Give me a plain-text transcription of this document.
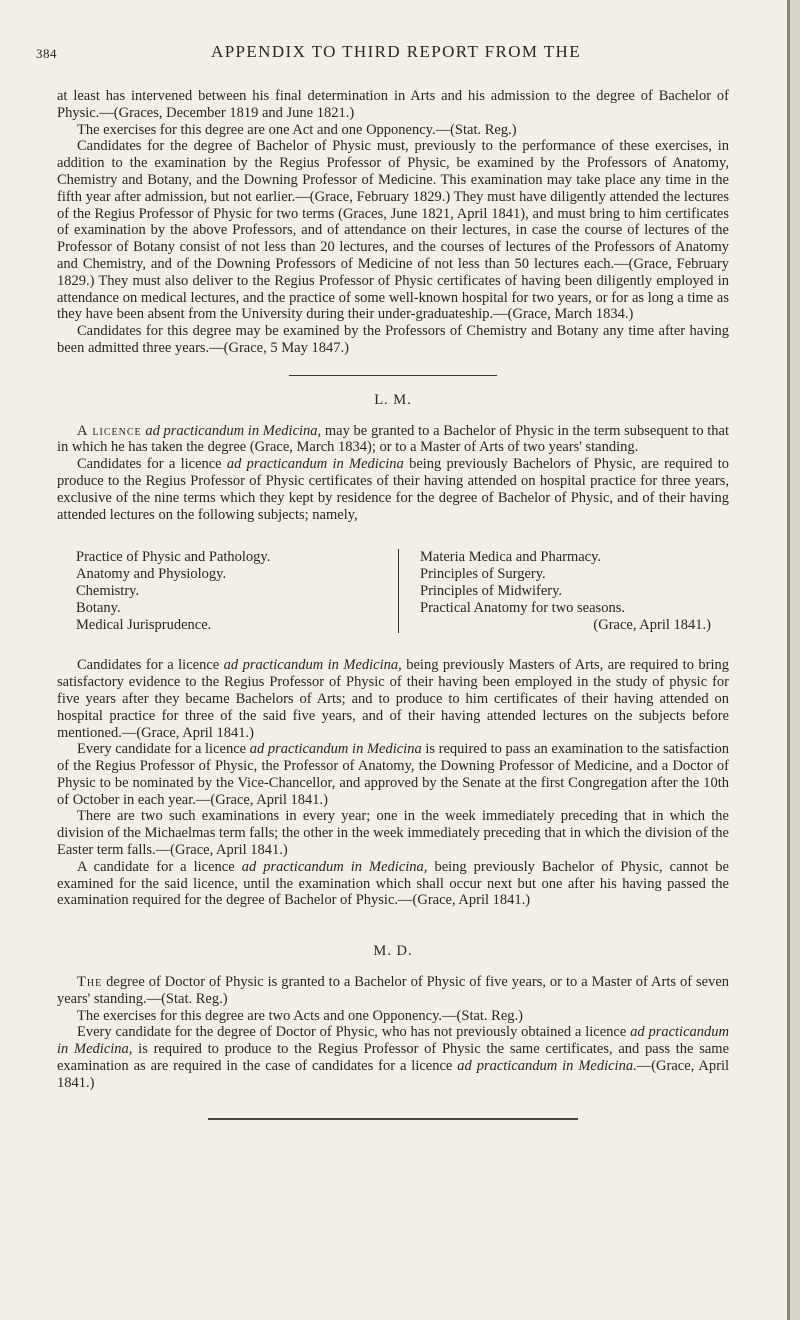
384	APPENDIX TO THIRD REPORT FROM THE

at least has intervened between his final determination in Arts and his admission to the degree of Bachelor of Physic.—(Graces, December 1819 and June 1821.)

The exercises for this degree are one Act and one Opponency.—(Stat. Reg.)

Candidates for the degree of Bachelor of Physic must, previously to the performance of these exercises, in addition to the examination by the Regius Professor of Physic, be examined by the Professors of Anatomy, Chemistry and Botany, and the Downing Professor of Medicine. This examination may take place any time in the fifth year after admission, but not earlier.—(Grace, February 1829.) They must have diligently attended the lectures of the Regius Professor of Physic for two terms (Graces, June 1821, April 1841), and must bring to him certificates of examination by the above Professors, and of attendance on their lectures, in case the course of lectures of the Professor of Botany consist of not less than 20 lectures, and the courses of lectures of the Professors of Anatomy and Chemistry, and of the Downing Professors of Medicine of not less than 50 lectures each.—(Grace, February 1829.) They must also deliver to the Regius Professor of Physic certificates of having been diligently employed in attendance on medical lectures, and the practice of some well-known hospital for two years, or for as long a time as they have been absent from the University during their under-graduateship.—(Grace, March 1834.)

Candidates for this degree may be examined by the Professors of Chemistry and Botany any time after having been admitted three years.—(Grace, 5 May 1847.)

L. M.

A licence ad practicandum in Medicina, may be granted to a Bachelor of Physic in the term subsequent to that in which he has taken the degree (Grace, March 1834); or to a Master of Arts of two years' standing.

Candidates for a licence ad practicandum in Medicina being previously Bachelors of Physic, are required to produce to the Regius Professor of Physic certificates of their having attended on hospital practice for three years, exclusive of the nine terms which they kept by residence for the degree of Bachelor of Physic, and of their having attended lectures on the following subjects; namely,

Practice of Physic and Pathology.
Anatomy and Physiology.
Chemistry.
Botany.
Medical Jurisprudence.
Materia Medica and Pharmacy.
Principles of Surgery.
Principles of Midwifery.
Practical Anatomy for two seasons.
(Grace, April 1841.)

Candidates for a licence ad practicandum in Medicina, being previously Masters of Arts, are required to bring satisfactory evidence to the Regius Professor of Physic of their having been employed in the study of physic for five years after they became Bachelors of Arts; and to produce to him certificates of their having attended on hospital practice for three of the said five years, and of their having attended lectures on the subjects before mentioned.—(Grace, April 1841.)

Every candidate for a licence ad practicandum in Medicina is required to pass an examination to the satisfaction of the Regius Professor of Physic, the Professor of Anatomy, the Downing Professor of Medicine, and a Doctor of Physic to be nominated by the Vice-Chancellor, and approved by the Senate at the first Congregation after the 10th of October in each year.—(Grace, April 1841.)

There are two such examinations in every year; one in the week immediately preceding that in which the division of the Michaelmas term falls; the other in the week immediately preceding that in which the division of the Easter term falls.—(Grace, April 1841.)

A candidate for a licence ad practicandum in Medicina, being previously Bachelor of Physic, cannot be examined for the said licence, until the examination which shall occur next but one after his having passed the examination required for the degree of Bachelor of Physic.—(Grace, April 1841.)

M. D.

The degree of Doctor of Physic is granted to a Bachelor of Physic of five years, or to a Master of Arts of seven years' standing.—(Stat. Reg.)

The exercises for this degree are two Acts and one Opponency.—(Stat. Reg.)

Every candidate for the degree of Doctor of Physic, who has not previously obtained a licence ad practicandum in Medicina, is required to produce to the Regius Professor of Physic the same certificates, and pass the same examination as are required in the case of candidates for a licence ad practicandum in Medicina.—(Grace, April 1841.)
